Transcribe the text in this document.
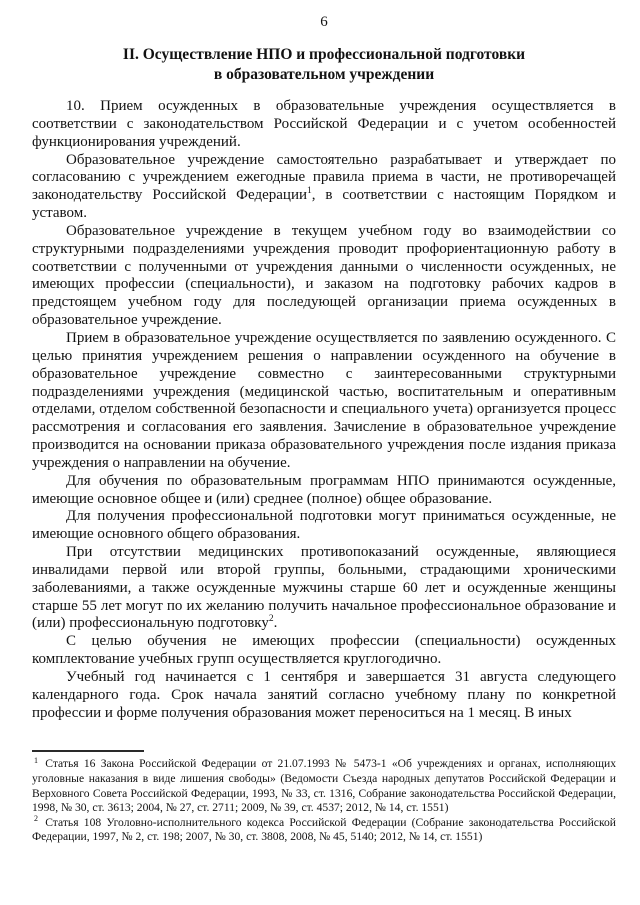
6
II. Осуществление НПО и профессиональной подготовки
в образовательном учреждении

10. Прием осужденных в образовательные учреждения осуществляется в соответствии с законодательством Российской Федерации и с учетом особенностей функционирования учреждений.

Образовательное учреждение самостоятельно разрабатывает и утверждает по согласованию с учреждением ежегодные правила приема в части, не противоречащей законодательству Российской Федерации$^1$, в соответствии с настоящим Порядком и уставом.

Образовательное учреждение в текущем учебном году во взаимодействии со структурными подразделениями учреждения проводит профориентационную работу в соответствии с полученными от учреждения данными о численности осужденных, не имеющих профессии (специальности), и заказом на подготовку рабочих кадров в предстоящем учебном году для последующей организации приема осужденных в образовательное учреждение.

Прием в образовательное учреждение осуществляется по заявлению осужденного. С целью принятия учреждением решения о направлении осужденного на обучение в образовательное учреждение совместно с заинтересованными структурными подразделениями учреждения (медицинской частью, воспитательным и оперативным отделами, отделом собственной безопасности и специального учета) организуется процесс рассмотрения и согласования его заявления. Зачисление в образовательное учреждение производится на основании приказа образовательного учреждения после издания приказа учреждения о направлении на обучение.

Для обучения по образовательным программам НПО принимаются осужденные, имеющие основное общее и (или) среднее (полное) общее образование.

Для получения профессиональной подготовки могут приниматься осужденные, не имеющие основного общего образования.

При отсутствии медицинских противопоказаний осужденные, являющиеся инвалидами первой или второй группы, больными, страдающими хроническими заболеваниями, а также осужденные мужчины старше 60 лет и осужденные женщины старше 55 лет могут по их желанию получить начальное профессиональное образование и (или) профессиональную подготовку$^2$.

С целью обучения не имеющих профессии (специальности) осужденных комплектование учебных групп осуществляется круглогодично.

Учебный год начинается с 1 сентября и завершается 31 августа следующего календарного года. Срок начала занятий согласно учебному плану по конкретной профессии и форме получения образования может переноситься на 1 месяц. В иных

$^1$ Статья 16 Закона Российской Федерации от 21.07.1993 № 5473-1 «Об учреждениях и органах, исполняющих уголовные наказания в виде лишения свободы» (Ведомости Съезда народных депутатов Российской Федерации и Верховного Совета Российской Федерации, 1993, № 33, ст. 1316, Собрание законодательства Российской Федерации, 1998, № 30, ст. 3613; 2004, № 27, ст. 2711; 2009, № 39, ст. 4537; 2012, № 14, ст. 1551)

$^2$ Статья 108 Уголовно-исполнительного кодекса Российской Федерации (Собрание законодательства Российской Федерации, 1997, № 2, ст. 198; 2007, № 30, ст. 3808, 2008, № 45, 5140; 2012, № 14, ст. 1551)
